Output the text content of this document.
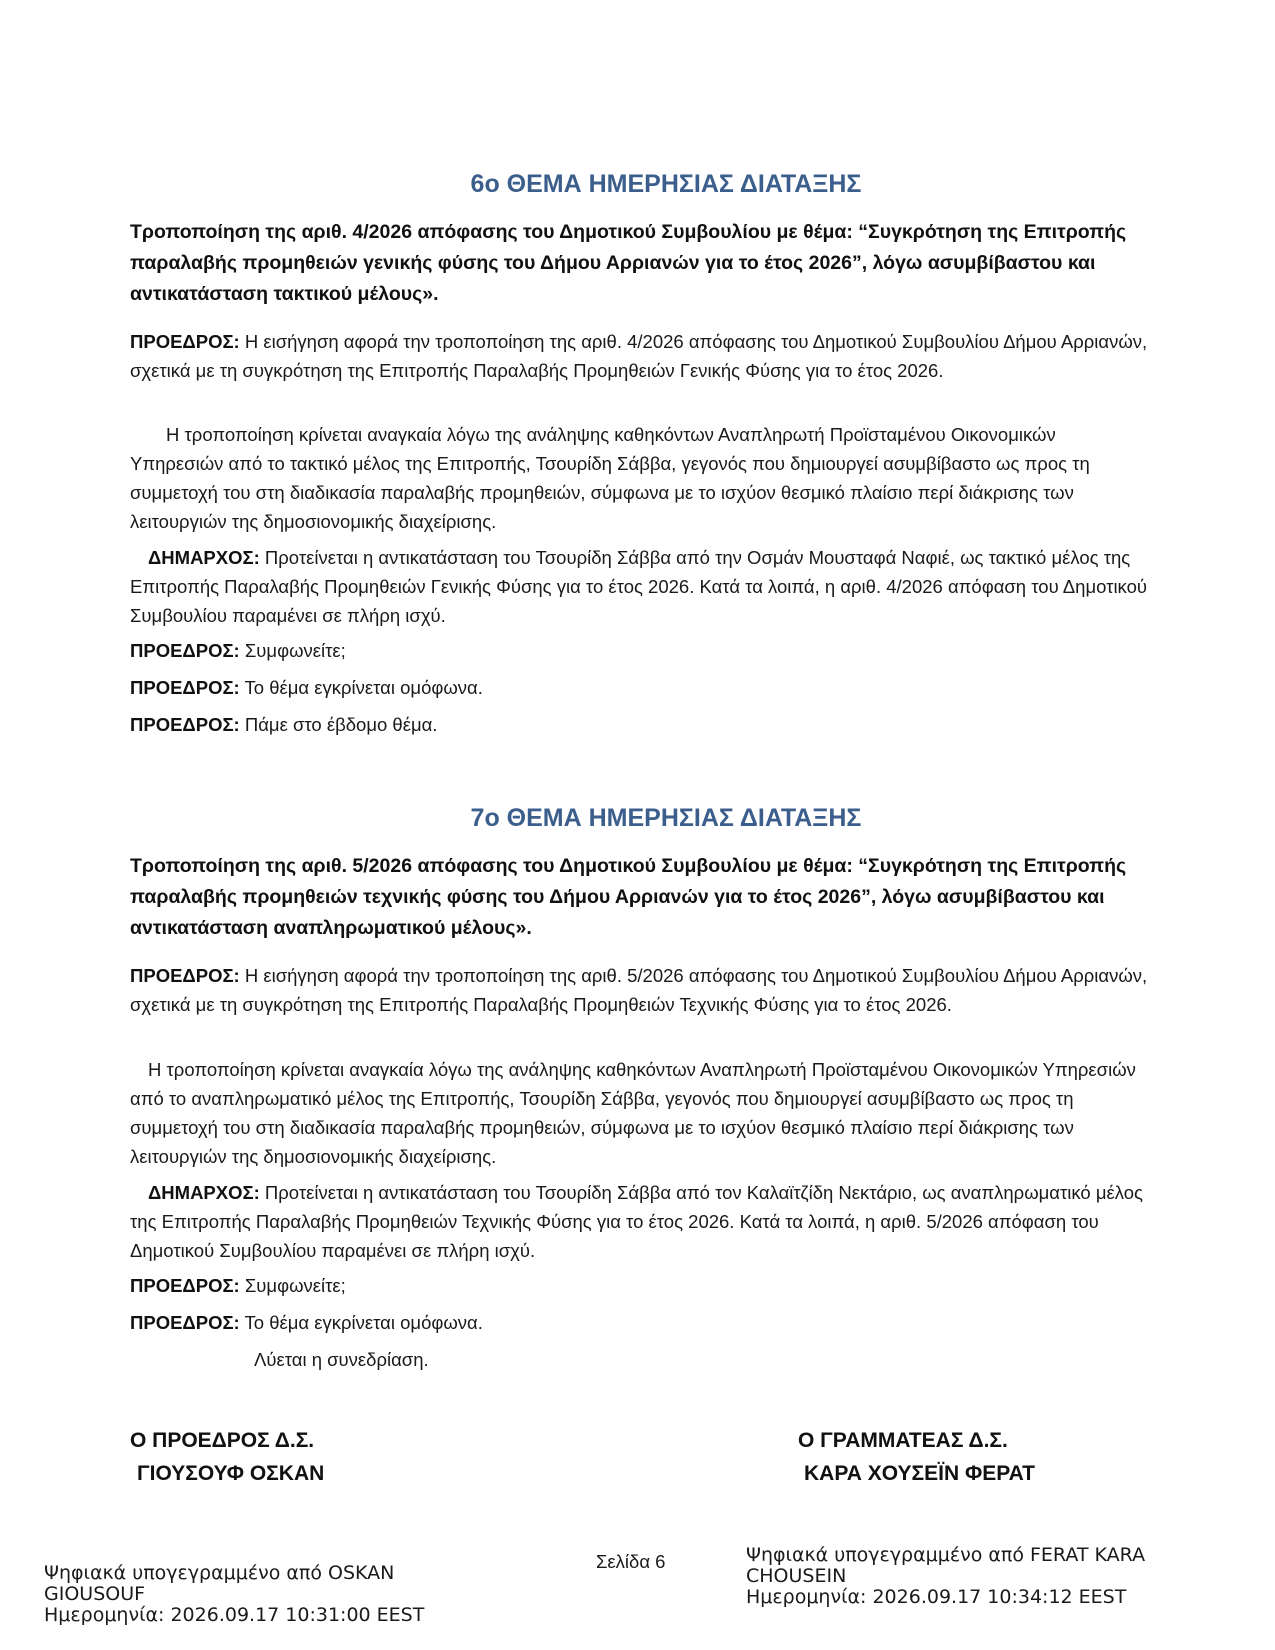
6ο ΘΕΜΑ ΗΜΕΡΗΣΙΑΣ ΔΙΑΤΑΞΗΣ
Τροποποίηση της αριθ. 4/2026 απόφασης του Δημοτικού Συμβουλίου με θέμα: “Συγκρότηση της Επιτροπής παραλαβής προμηθειών γενικής φύσης του Δήμου Αρριανών για το έτος 2026”, λόγω ασυμβίβαστου και αντικατάσταση τακτικού μέλους».
ΠΡΟΕΔΡΟΣ: Η εισήγηση αφορά την τροποποίηση της αριθ. 4/2026 απόφασης του Δημοτικού Συμβουλίου Δήμου Αρριανών, σχετικά με τη συγκρότηση της Επιτροπής Παραλαβής Προμηθειών Γενικής Φύσης για το έτος 2026.
Η τροποποίηση κρίνεται αναγκαία λόγω της ανάληψης καθηκόντων Αναπληρωτή Προϊσταμένου Οικονομικών Υπηρεσιών από το τακτικό μέλος της Επιτροπής, Τσουρίδη Σάββα, γεγονός που δημιουργεί ασυμβίβαστο ως προς τη συμμετοχή του στη διαδικασία παραλαβής προμηθειών, σύμφωνα με το ισχύον θεσμικό πλαίσιο περί διάκρισης των λειτουργιών της δημοσιονομικής διαχείρισης.
ΔΗΜΑΡΧΟΣ: Προτείνεται η αντικατάσταση του Τσουρίδη Σάββα από την Οσμάν Μουσταφά Ναφιέ, ως τακτικό μέλος της Επιτροπής Παραλαβής Προμηθειών Γενικής Φύσης για το έτος 2026. Κατά τα λοιπά, η αριθ. 4/2026 απόφαση του Δημοτικού Συμβουλίου παραμένει σε πλήρη ισχύ.
ΠΡΟΕΔΡΟΣ: Συμφωνείτε;
ΠΡΟΕΔΡΟΣ: Το θέμα εγκρίνεται ομόφωνα.
ΠΡΟΕΔΡΟΣ: Πάμε στο έβδομο θέμα.
7ο ΘΕΜΑ ΗΜΕΡΗΣΙΑΣ ΔΙΑΤΑΞΗΣ
Τροποποίηση της αριθ. 5/2026 απόφασης του Δημοτικού Συμβουλίου με θέμα: “Συγκρότηση της Επιτροπής παραλαβής προμηθειών τεχνικής φύσης του Δήμου Αρριανών για το έτος 2026”, λόγω ασυμβίβαστου και αντικατάσταση αναπληρωματικού μέλους».
ΠΡΟΕΔΡΟΣ: Η εισήγηση αφορά την τροποποίηση της αριθ. 5/2026 απόφασης του Δημοτικού Συμβουλίου Δήμου Αρριανών, σχετικά με τη συγκρότηση της Επιτροπής Παραλαβής Προμηθειών Τεχνικής Φύσης για το έτος 2026.
Η τροποποίηση κρίνεται αναγκαία λόγω της ανάληψης καθηκόντων Αναπληρωτή Προϊσταμένου Οικονομικών Υπηρεσιών από το αναπληρωματικό μέλος της Επιτροπής, Τσουρίδη Σάββα, γεγονός που δημιουργεί ασυμβίβαστο ως προς τη συμμετοχή του στη διαδικασία παραλαβής προμηθειών, σύμφωνα με το ισχύον θεσμικό πλαίσιο περί διάκρισης των λειτουργιών της δημοσιονομικής διαχείρισης.
ΔΗΜΑΡΧΟΣ: Προτείνεται η αντικατάσταση του Τσουρίδη Σάββα από τον Καλαϊτζίδη Νεκτάριο, ως αναπληρωματικό μέλος της Επιτροπής Παραλαβής Προμηθειών Τεχνικής Φύσης για το έτος 2026. Κατά τα λοιπά, η αριθ. 5/2026 απόφαση του Δημοτικού Συμβουλίου παραμένει σε πλήρη ισχύ.
ΠΡΟΕΔΡΟΣ: Συμφωνείτε;
ΠΡΟΕΔΡΟΣ: Το θέμα εγκρίνεται ομόφωνα.
Λύεται η συνεδρίαση.
Ο ΠΡΟΕΔΡΟΣ Δ.Σ.
ΓΙΟΥΣΟΥΦ ΟΣΚΑΝ
Ο ΓΡΑΜΜΑΤΕΑΣ Δ.Σ.
ΚΑΡΑ ΧΟΥΣΕΪΝ ΦΕΡΑΤ
Ψηφιακά υπογεγραμμένο από OSKAN
GIOUSOUF
Ημερομηνία: 2026.09.17 10:31:00 EEST
Σελίδα 6	Ψηφιακά υπογεγραμμένο από FERAT KARA
CHOUSEIN
Ημερομηνία: 2026.09.17 10:34:12 EEST
